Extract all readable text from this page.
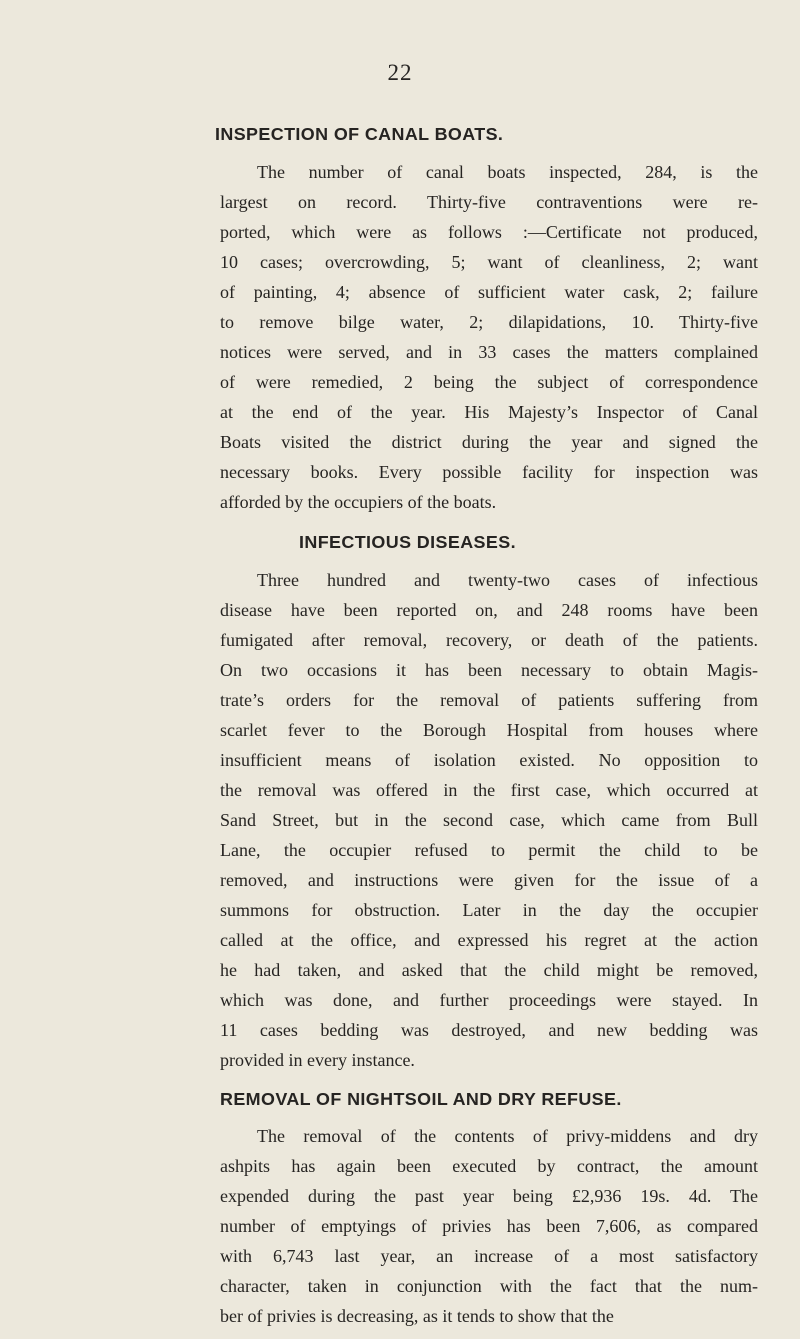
22
INSPECTION OF CANAL BOATS.
The number of canal boats inspected, 284, is the
largest on record. Thirty-five contraventions were re-
ported, which were as follows :—Certificate not produced,
10 cases; overcrowding, 5; want of cleanliness, 2; want
of painting, 4; absence of sufficient water cask, 2; failure
to remove bilge water, 2; dilapidations, 10. Thirty-five
notices were served, and in 33 cases the matters complained
of were remedied, 2 being the subject of correspondence
at the end of the year. His Majesty’s Inspector of Canal
Boats visited the district during the year and signed the
necessary books. Every possible facility for inspection was
afforded by the occupiers of the boats.
INFECTIOUS DISEASES.
Three hundred and twenty-two cases of infectious
disease have been reported on, and 248 rooms have been
fumigated after removal, recovery, or death of the patients.
On two occasions it has been necessary to obtain Magis-
trate’s orders for the removal of patients suffering from
scarlet fever to the Borough Hospital from houses where
insufficient means of isolation existed. No opposition to
the removal was offered in the first case, which occurred at
Sand Street, but in the second case, which came from Bull
Lane, the occupier refused to permit the child to be
removed, and instructions were given for the issue of a
summons for obstruction. Later in the day the occupier
called at the office, and expressed his regret at the action
he had taken, and asked that the child might be removed,
which was done, and further proceedings were stayed. In
11 cases bedding was destroyed, and new bedding was
provided in every instance.
REMOVAL OF NIGHTSOIL AND DRY REFUSE.
The removal of the contents of privy-middens and dry
ashpits has again been executed by contract, the amount
expended during the past year being £2,936 19s. 4d. The
number of emptyings of privies has been 7,606, as compared
with 6,743 last year, an increase of a most satisfactory
character, taken in conjunction with the fact that the num-
ber of privies is decreasing, as it tends to show that the
